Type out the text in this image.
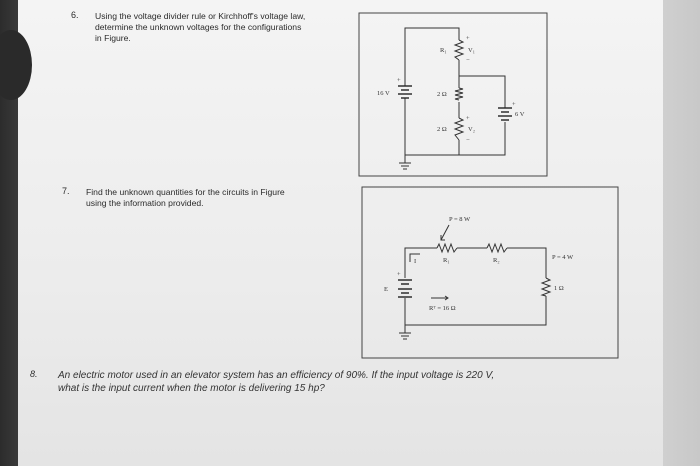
6. Using the voltage divider rule or Kirchhoff's voltage law,
determine the unknown voltages for the configurations
in Figure.
7. Find the unknown quantities for the circuits in Figure
using the information provided.
8. An electric motor used in an elevator system has an efficiency of 90%. If the input voltage is 220 V,
what is the input current when the motor is delivering 15 hp?
16 V
6 V
R₁	V₁
2 Ω
2 Ω	V₂
+
−
+
−
+
+
P = 8 W
P = 4 W
R₁	R₂
1 Ω
Rᵀ = 16 Ω
E
I
+
